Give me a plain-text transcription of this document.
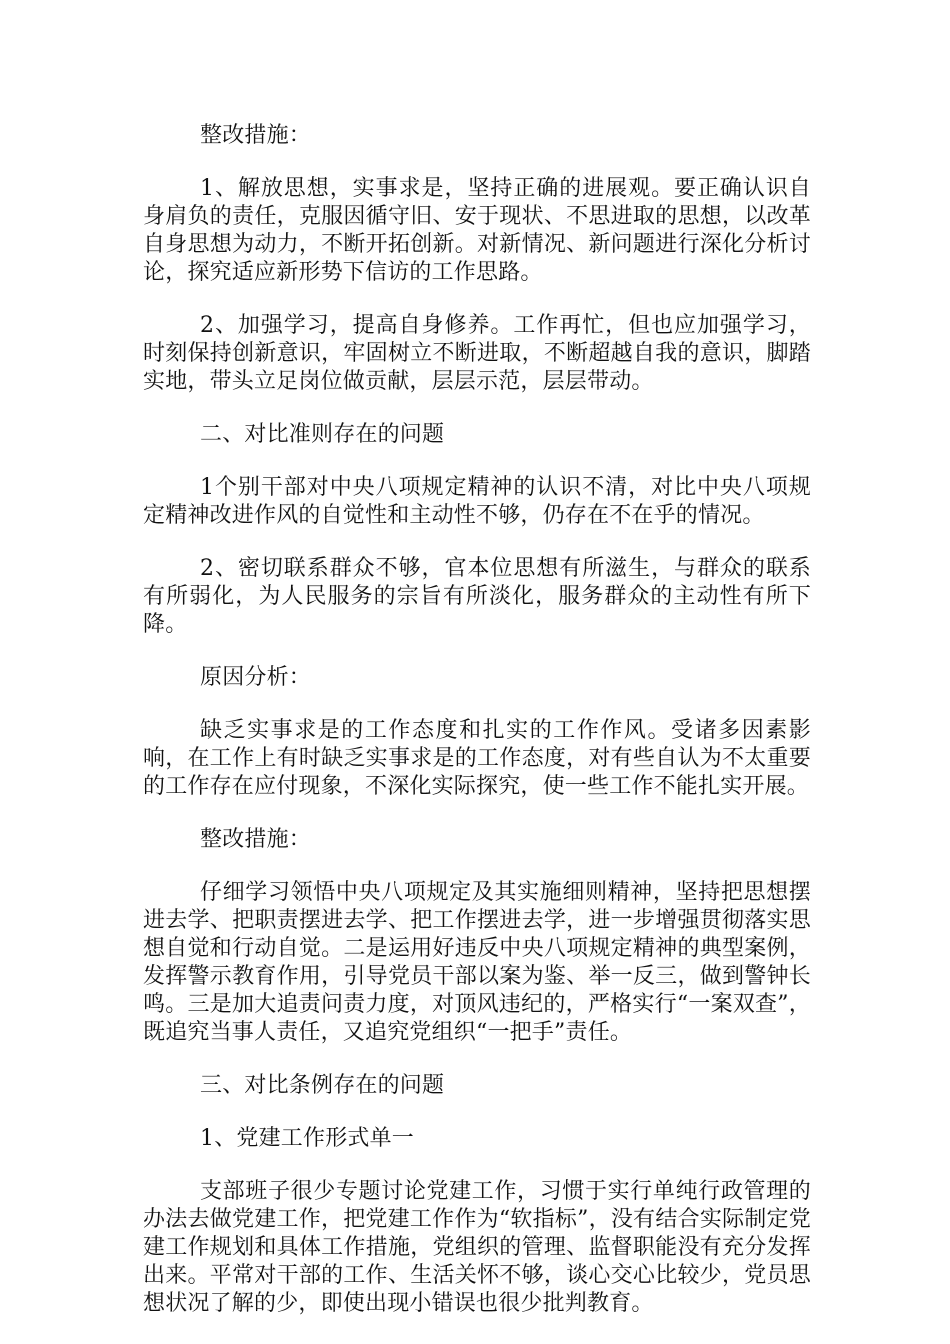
整改措施：

1、解放思想，实事求是，坚持正确的进展观。要正确认识自身肩负的责任，克服因循守旧、安于现状、不思进取的思想，以改革自身思想为动力，不断开拓创新。对新情况、新问题进行深化分析讨论，探究适应新形势下信访的工作思路。

2、加强学习，提高自身修养。工作再忙，但也应加强学习，时刻保持创新意识，牢固树立不断进取，不断超越自我的意识，脚踏实地，带头立足岗位做贡献，层层示范，层层带动。

二、对比准则存在的问题

1个别干部对中央八项规定精神的认识不清，对比中央八项规定精神改进作风的自觉性和主动性不够，仍存在不在乎的情况。

2、密切联系群众不够，官本位思想有所滋生，与群众的联系有所弱化，为人民服务的宗旨有所淡化，服务群众的主动性有所下降。

原因分析：

缺乏实事求是的工作态度和扎实的工作作风。受诸多因素影响，在工作上有时缺乏实事求是的工作态度，对有些自认为不太重要的工作存在应付现象，不深化实际探究，使一些工作不能扎实开展。

整改措施：

仔细学习领悟中央八项规定及其实施细则精神，坚持把思想摆进去学、把职责摆进去学、把工作摆进去学，进一步增强贯彻落实思想自觉和行动自觉。二是运用好违反中央八项规定精神的典型案例，发挥警示教育作用，引导党员干部以案为鉴、举一反三，做到警钟长鸣。三是加大追责问责力度，对顶风违纪的，严格实行“一案双查”，既追究当事人责任，又追究党组织“一把手”责任。

三、对比条例存在的问题

1、党建工作形式单一

支部班子很少专题讨论党建工作，习惯于实行单纯行政管理的办法去做党建工作，把党建工作作为“软指标”，没有结合实际制定党建工作规划和具体工作措施，党组织的管理、监督职能没有充分发挥出来。平常对干部的工作、生活关怀不够，谈心交心比较少，党员思想状况了解的少，即使出现小错误也很少批判教育。
